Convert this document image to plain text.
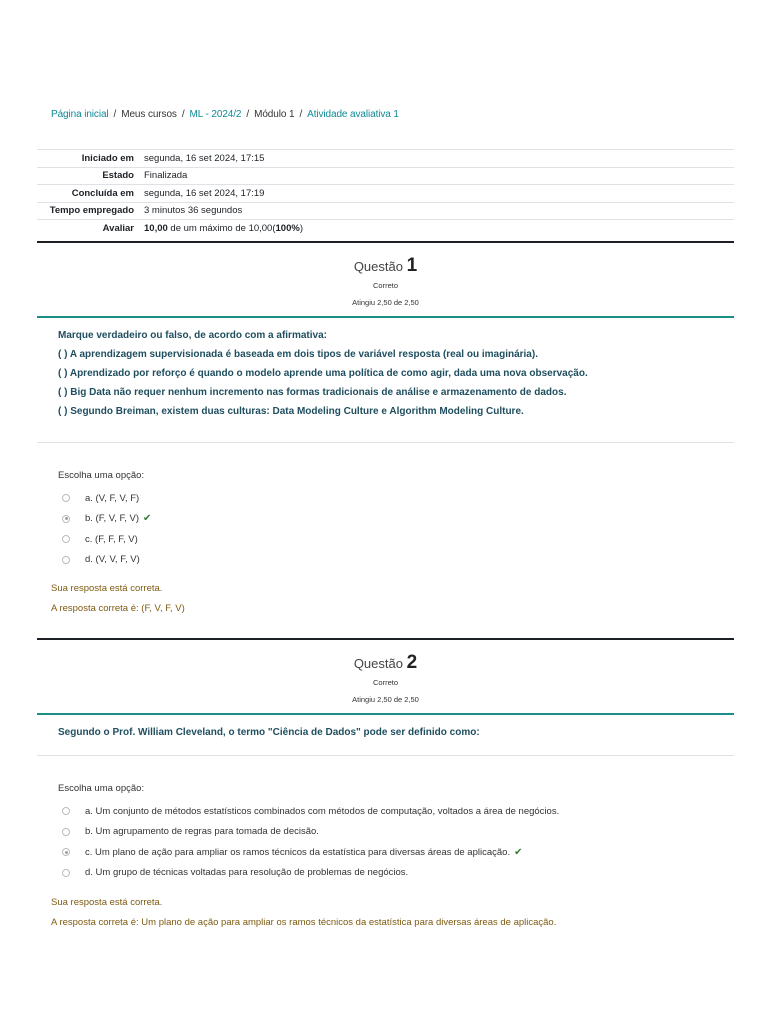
Página inicial / Meus cursos / ML - 2024/2 / Módulo 1 / Atividade avaliativa 1
Iniciado em	segunda, 16 set 2024, 17:15
Estado	Finalizada
Concluída em	segunda, 16 set 2024, 17:19
Tempo empregado	3 minutos 36 segundos
Avaliar	10,00 de um máximo de 10,00(100%)
Questão 1
Correto
Atingiu 2,50 de 2,50

Marque verdadeiro ou falso, de acordo com a afirmativa:

( ) A aprendizagem supervisionada é baseada em dois tipos de variável resposta (real ou imaginária).

( ) Aprendizado por reforço é quando o modelo aprende uma política de como agir, dada uma nova observação.

( ) Big Data não requer nenhum incremento nas formas tradicionais de análise e armazenamento de dados.

( ) Segundo Breiman, existem duas culturas: Data Modeling Culture e Algorithm Modeling Culture.

Escolha uma opção:
a. (V, F, V, F)
b. (F, V, F, V) ✔
c. (F, F, F, V)
d. (V, V, F, V)
Sua resposta está correta.
A resposta correta é: (F, V, F, V)
Questão 2
Correto
Atingiu 2,50 de 2,50

Segundo o Prof. William Cleveland, o termo "Ciência de Dados" pode ser definido como:

Escolha uma opção:
a. Um conjunto de métodos estatísticos combinados com métodos de computação, voltados a área de negócios.
b. Um agrupamento de regras para tomada de decisão.
c. Um plano de ação para ampliar os ramos técnicos da estatística para diversas áreas de aplicação. ✔
d. Um grupo de técnicas voltadas para resolução de problemas de negócios.
Sua resposta está correta.
A resposta correta é: Um plano de ação para ampliar os ramos técnicos da estatística para diversas áreas de aplicação.
